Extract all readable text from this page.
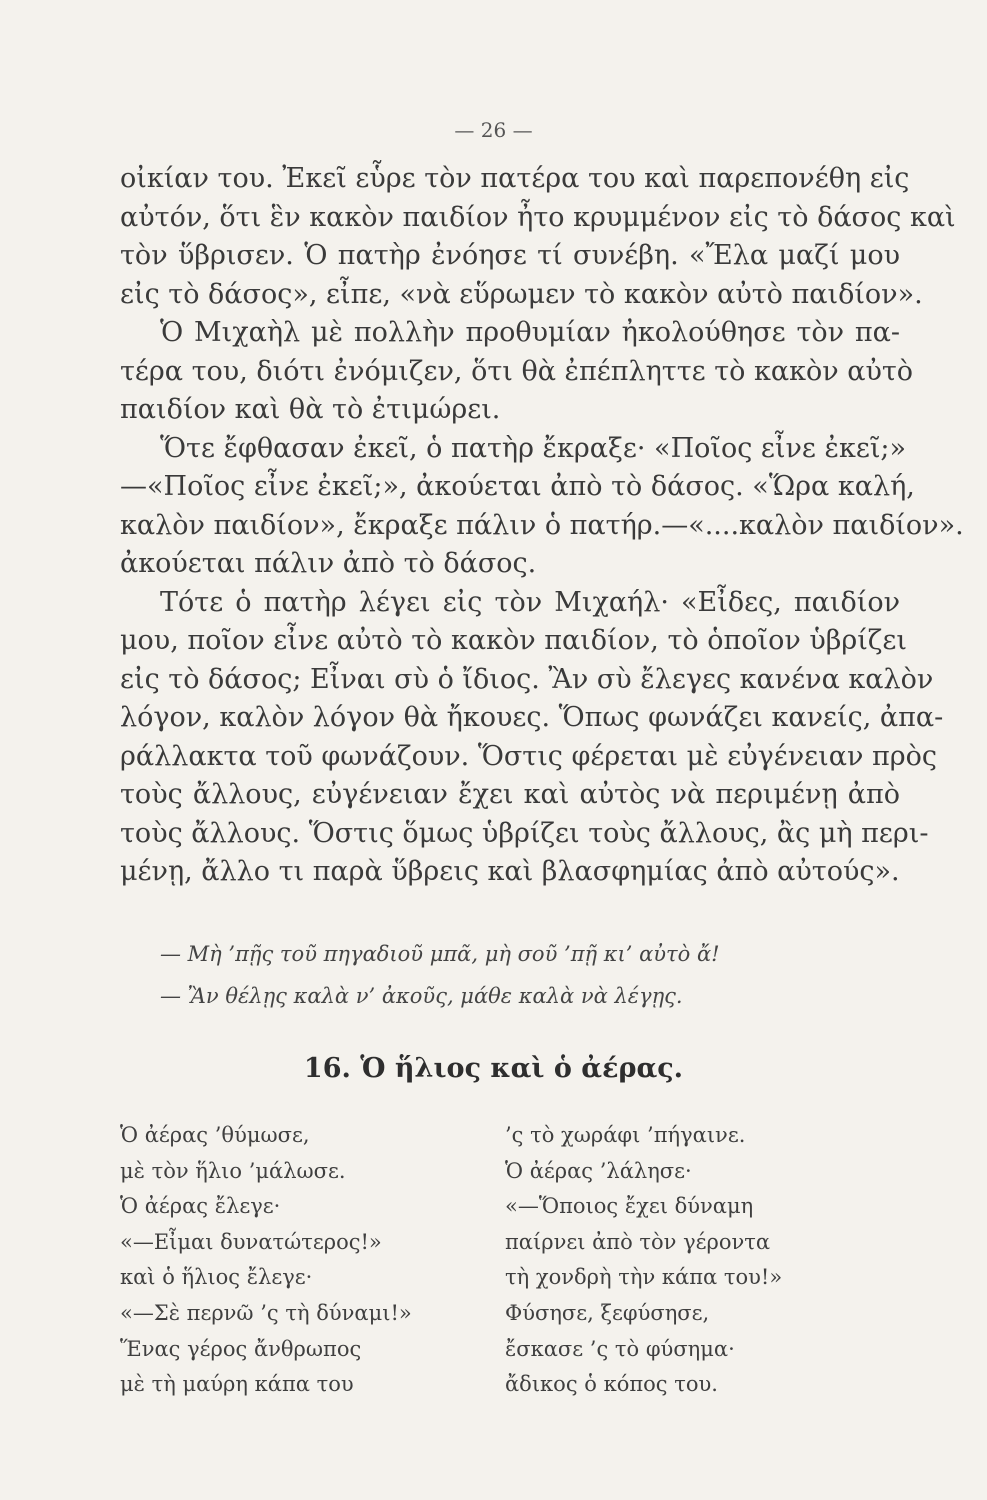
— 26 —
οἰκίαν του. Ἐκεῖ εὗρε τὸν πατέρα του καὶ παρεπονέθη εἰς
αὐτόν, ὅτι ἓν κακὸν παιδίον ἦτο κρυμμένον εἰς τὸ δάσος καὶ
τὸν ὕβρισεν. Ὁ πατὴρ ἐνόησε τί συνέβη. «Ἔλα μαζί μου
εἰς τὸ δάσος», εἶπε, «νὰ εὕρωμεν τὸ κακὸν αὐτὸ παιδίον».
Ὁ Μιχαὴλ μὲ πολλὴν προθυμίαν ἠκολούθησε τὸν πα-
τέρα του, διότι ἐνόμιζεν, ὅτι θὰ ἐπέπληττε τὸ κακὸν αὐτὸ
παιδίον καὶ θὰ τὸ ἐτιμώρει.
Ὅτε ἔφθασαν ἐκεῖ, ὁ πατὴρ ἔκραξε· «Ποῖος εἶνε ἐκεῖ;»
—«Ποῖος εἶνε ἐκεῖ;», ἀκούεται ἀπὸ τὸ δάσος. «Ὥρα καλή,
καλὸν παιδίον», ἔκραξε πάλιν ὁ πατήρ.—«....καλὸν παιδίον».
ἀκούεται πάλιν ἀπὸ τὸ δάσος.
Τότε ὁ πατὴρ λέγει εἰς τὸν Μιχαήλ· «Εἶδες, παιδίον
μου, ποῖον εἶνε αὐτὸ τὸ κακὸν παιδίον, τὸ ὁποῖον ὑβρίζει
εἰς τὸ δάσος; Εἶναι σὺ ὁ ἴδιος. Ἂν σὺ ἔλεγες κανένα καλὸν
λόγον, καλὸν λόγον θὰ ἤκουες. Ὅπως φωνάζει κανείς, ἀπα-
ράλλακτα τοῦ φωνάζουν. Ὅστις φέρεται μὲ εὐγένειαν πρὸς
τοὺς ἄλλους, εὐγένειαν ἔχει καὶ αὐτὸς νὰ περιμένῃ ἀπὸ
τοὺς ἄλλους. Ὅστις ὅμως ὑβρίζει τοὺς ἄλλους, ἂς μὴ περι-
μένῃ, ἄλλο τι παρὰ ὕβρεις καὶ βλασφημίας ἀπὸ αὐτούς».
— Μὴ ’πῇς τοῦ πηγαδιοῦ μπᾶ, μὴ σοῦ ’πῇ κι’ αὐτὸ ἄ!
— Ἂν θέλῃς καλὰ ν’ ἀκοῦς, μάθε καλὰ νὰ λέγῃς.
16. Ὁ ἥλιος καὶ ὁ ἀέρας.
Ὁ ἀέρας ’θύμωσε,
μὲ τὸν ἥλιο ’μάλωσε.
Ὁ ἀέρας ἔλεγε·
«—Εἶμαι δυνατώτερος!»
καὶ ὁ ἥλιος ἔλεγε·
«—Σὲ περνῶ ’ς τὴ δύναμι!»
Ἕνας γέρος ἄνθρωπος
μὲ τὴ μαύρη κάπα του
’ς τὸ χωράφι ’πήγαινε.
Ὁ ἀέρας ’λάλησε·
«—Ὅποιος ἔχει δύναμη
παίρνει ἀπὸ τὸν γέροντα
τὴ χονδρὴ τὴν κάπα του!»
Φύσησε, ξεφύσησε,
ἔσκασε ’ς τὸ φύσημα·
ἄδικος ὁ κόπος του.
